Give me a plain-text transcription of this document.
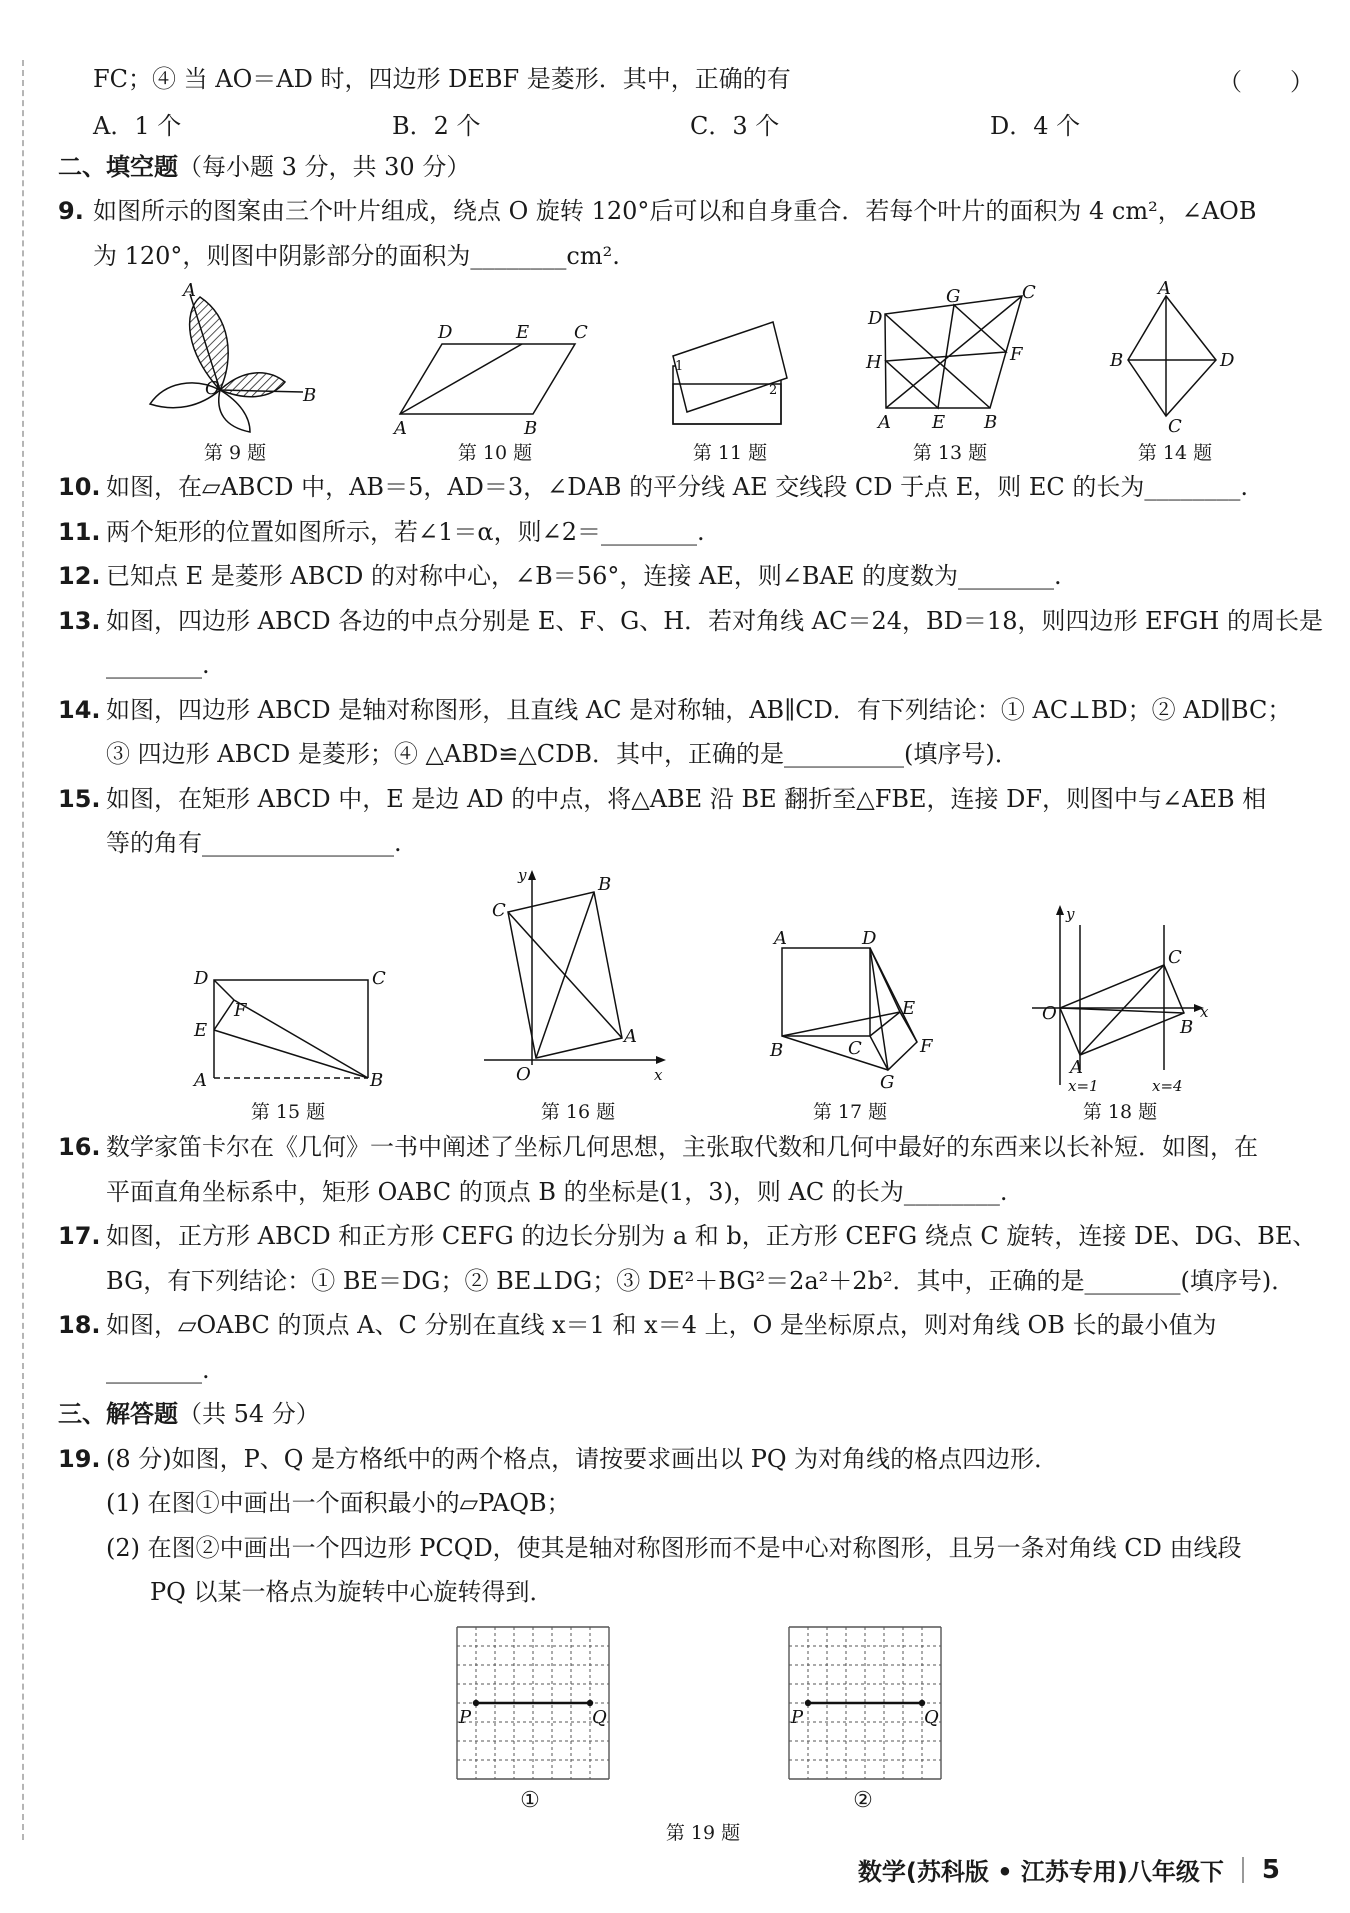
FC；④ 当 AO＝AD 时，四边形 DEBF 是菱形．其中，正确的有	（　　）
A．1 个	B．2 个	C．3 个	D．4 个
二、填空题（每小题 3 分，共 30 分）
9. 如图所示的图案由三个叶片组成，绕点 O 旋转 120°后可以和自身重合．若每个叶片的面积为 4 cm²，∠AOB
为 120°，则图中阴影部分的面积为________cm².
A
O	B
第 9 题
D	E C
A	B
第 10 题
1
2
第 11 题
G	C
D
F
H
A E B
第 13 题
A
B	D
C
第 14 题
10. 如图，在▱ABCD 中，AB＝5，AD＝3，∠DAB 的平分线 AE 交线段 CD 于点 E，则 EC 的长为________.
11. 两个矩形的位置如图所示，若∠1＝α，则∠2＝________.
12. 已知点 E 是菱形 ABCD 的对称中心，∠B＝56°，连接 AE，则∠BAE 的度数为________.
13. 如图，四边形 ABCD 各边的中点分别是 E、F、G、H．若对角线 AC＝24，BD＝18，则四边形 EFGH 的周长是
________.
14. 如图，四边形 ABCD 是轴对称图形，且直线 AC 是对称轴，AB∥CD．有下列结论：① AC⊥BD；② AD∥BC；
③ 四边形 ABCD 是菱形；④ △ABD≌△CDB．其中，正确的是__________(填序号)．
15. 如图，在矩形 ABCD 中，E 是边 AD 的中点，将△ABE 沿 BE 翻折至△FBE，连接 DF，则图中与∠AEB 相
等的角有________________.
D	C
E
F
A	B
第 15 题
y	B
C
A
O	x
第 16 题
A	D
E
B	C	F
G
第 17 题
y
O	x
C
B
A
x=1	x=4
第 18 题
16. 数学家笛卡尔在《几何》一书中阐述了坐标几何思想，主张取代数和几何中最好的东西来以长补短．如图，在
平面直角坐标系中，矩形 OABC 的顶点 B 的坐标是(1，3)，则 AC 的长为________.
17. 如图，正方形 ABCD 和正方形 CEFG 的边长分别为 a 和 b，正方形 CEFG 绕点 C 旋转，连接 DE、DG、BE、
BG，有下列结论：① BE＝DG；② BE⊥DG；③ DE²＋BG²＝2a²＋2b²．其中，正确的是________(填序号)．
18. 如图，▱OABC 的顶点 A、C 分别在直线 x＝1 和 x＝4 上，O 是坐标原点，则对角线 OB 长的最小值为
________.
三、解答题（共 54 分）
19. (8 分)如图，P、Q 是方格纸中的两个格点，请按要求画出以 PQ 为对角线的格点四边形．
(1) 在图①中画出一个面积最小的▱PAQB；
(2) 在图②中画出一个四边形 PCQD，使其是轴对称图形而不是中心对称图形，且另一条对角线 CD 由线段
PQ 以某一格点为旋转中心旋转得到．
P	Q	P	Q
①	②
第 19 题
数学(苏科版 • 江苏专用)八年级下 5
